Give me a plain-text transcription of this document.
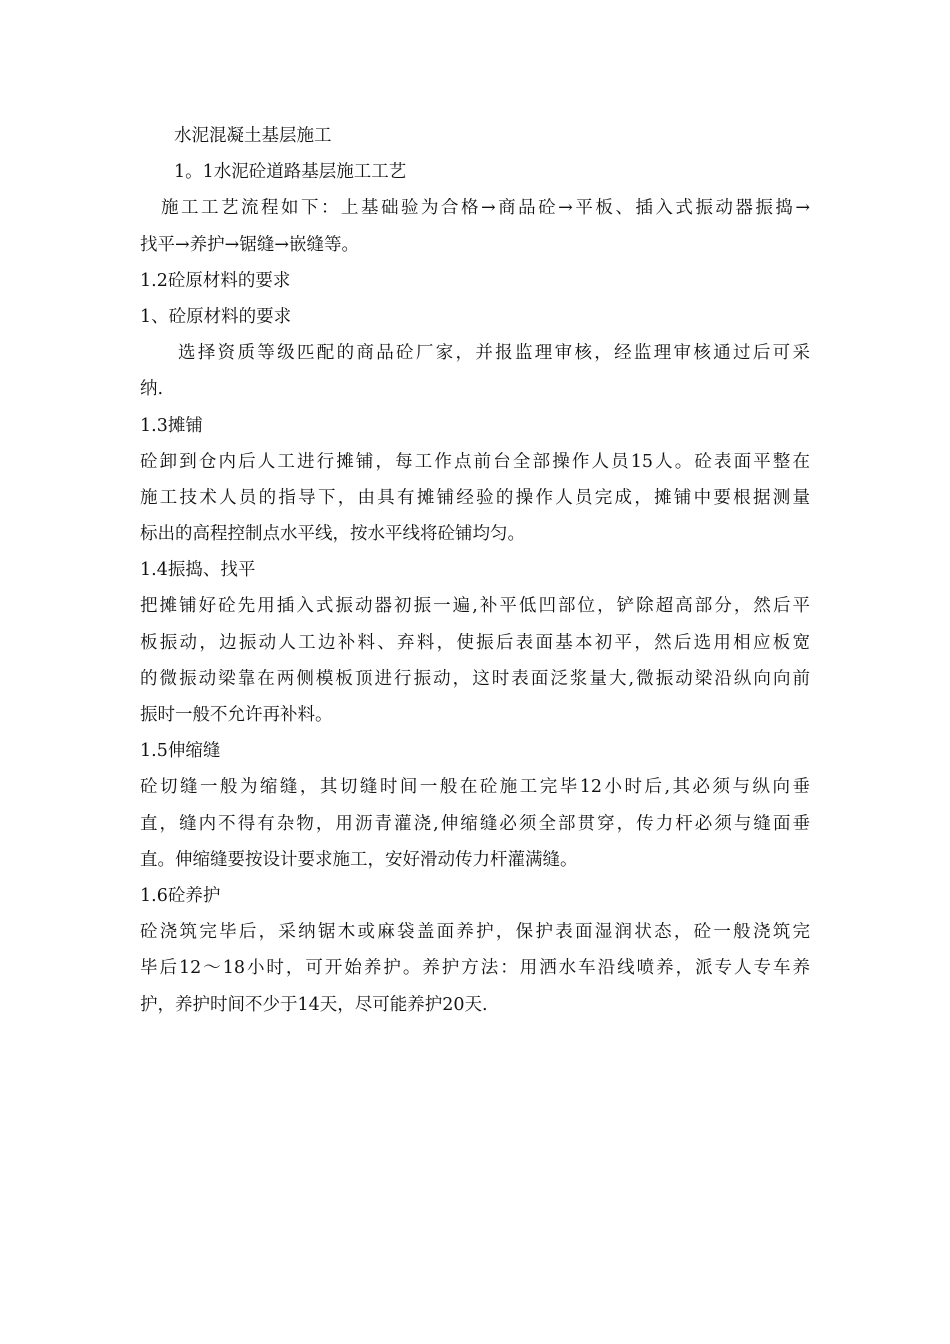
水泥混凝土基层施工
1。1水泥砼道路基层施工工艺
施工工艺流程如下：上基础验为合格→商品砼→平板、插入式振动器振捣→
找平→养护→锯缝→嵌缝等。
1.2砼原材料的要求
1、砼原材料的要求
选择资质等级匹配的商品砼厂家，并报监理审核，经监理审核通过后可采
纳.
1.3摊铺
砼卸到仓内后人工进行摊铺，每工作点前台全部操作人员15人。砼表面平整在
施工技术人员的指导下，由具有摊铺经验的操作人员完成，摊铺中要根据测量
标出的高程控制点水平线，按水平线将砼铺均匀。
1.4振捣、找平
把摊铺好砼先用插入式振动器初振一遍,补平低凹部位，铲除超高部分，然后平
板振动，边振动人工边补料、弃料，使振后表面基本初平，然后选用相应板宽
的微振动梁靠在两侧模板顶进行振动，这时表面泛浆量大,微振动梁沿纵向向前
振时一般不允许再补料。
1.5伸缩缝
砼切缝一般为缩缝，其切缝时间一般在砼施工完毕12小时后,其必须与纵向垂
直，缝内不得有杂物，用沥青灌浇,伸缩缝必须全部贯穿，传力杆必须与缝面垂
直。伸缩缝要按设计要求施工，安好滑动传力杆灌满缝。
1.6砼养护
砼浇筑完毕后，采纳锯木或麻袋盖面养护，保护表面湿润状态，砼一般浇筑完
毕后12～18小时，可开始养护。养护方法：用洒水车沿线喷养，派专人专车养
护，养护时间不少于14天，尽可能养护20天.
